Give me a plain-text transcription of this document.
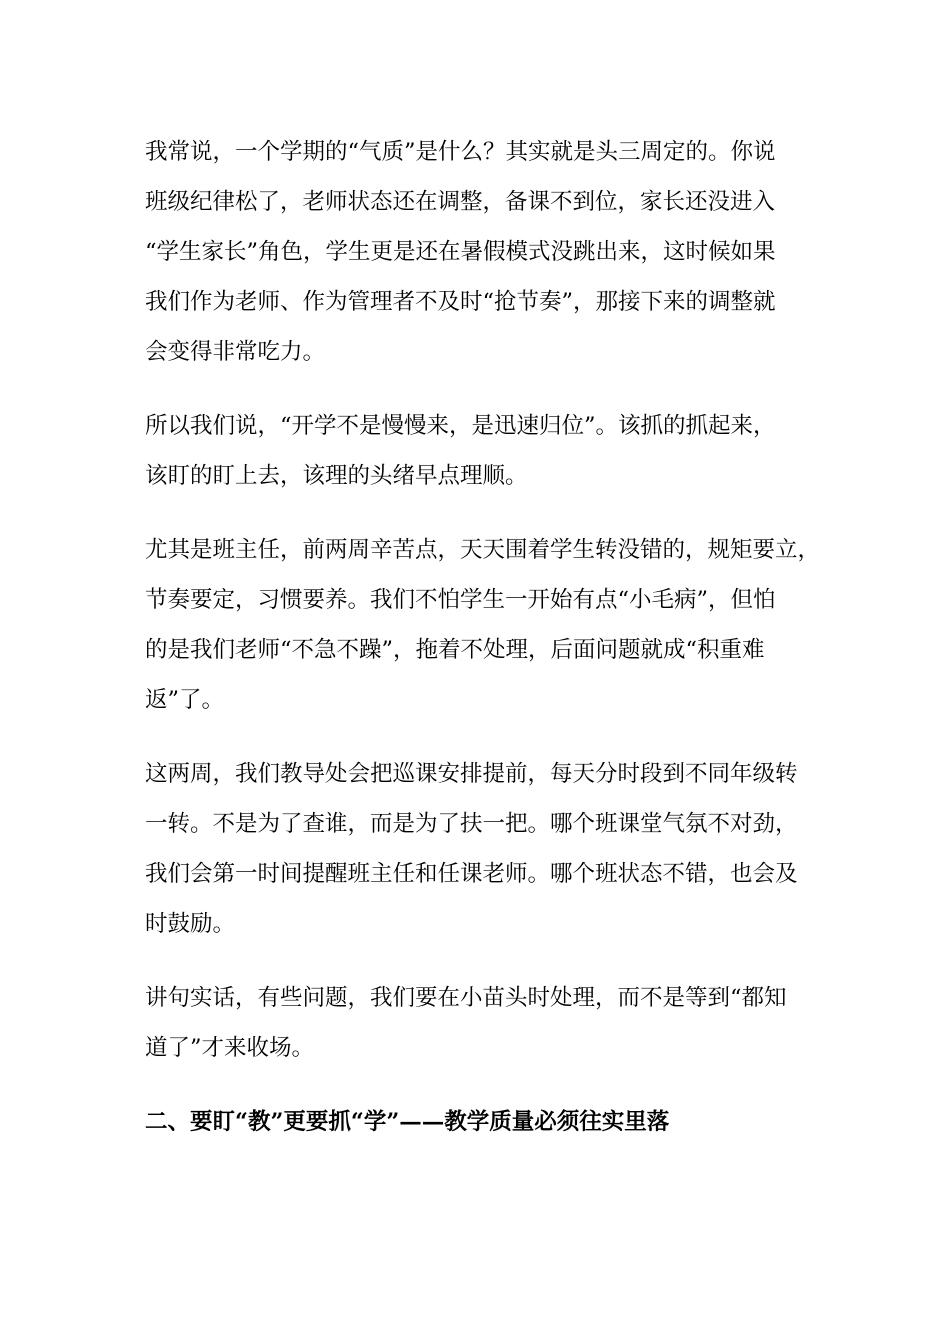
我常说，一个学期的“气质”是什么？其实就是头三周定的。你说
班级纪律松了，老师状态还在调整，备课不到位，家长还没进入
“学生家长”角色，学生更是还在暑假模式没跳出来，这时候如果
我们作为老师、作为管理者不及时“抢节奏”，那接下来的调整就
会变得非常吃力。

所以我们说，“开学不是慢慢来，是迅速归位”。该抓的抓起来，
该盯的盯上去，该理的头绪早点理顺。

尤其是班主任，前两周辛苦点，天天围着学生转没错的，规矩要立，
节奏要定，习惯要养。我们不怕学生一开始有点“小毛病”，但怕
的是我们老师“不急不躁”，拖着不处理，后面问题就成“积重难
返”了。

这两周，我们教导处会把巡课安排提前，每天分时段到不同年级转
一转。不是为了查谁，而是为了扶一把。哪个班课堂气氛不对劲，
我们会第一时间提醒班主任和任课老师。哪个班状态不错，也会及
时鼓励。

讲句实话，有些问题，我们要在小苗头时处理，而不是等到“都知
道了”才来收场。

二、要盯“教”更要抓“学”——教学质量必须往实里落
